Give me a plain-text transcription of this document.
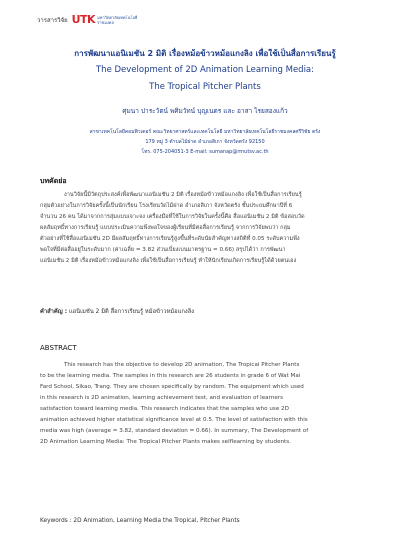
วารสารวิจัย UTK มหาวิทยาลัยเทคโนโลยี
ราชมงคล
การพัฒนาแอนิเมชัน 2 มิติ เรื่องหม้อข้าวหม้อแกงลิง เพื่อใช้เป็นสื่อการเรียนรู้
The Development of 2D Animation Learning Media:
The Tropical Pitcher Plants
ศุมนา ปาระวัตน์ พศิมวัทน์ บุญเนตร และ อาสา ไรยสองแก้ว
สาขาเทคโนโลยีคอมพิวเตอร์ คณะวิทยาศาสตร์และเทคโนโลยี มหาวิทยาลัยเทคโนโลยีราชมงคลศรีวิชัย ตรัง
179 หมู่ 3 ตำบลไม้ฝาด อำเภอสิเกา จังหวัดตรัง 92150
โทร. 075-204051-3 E-mail: sumanap@rmutsv.ac.th
บทคัดย่อ
งานวิจัยนี้มีวัตถุประสงค์เพื่อพัฒนาแอนิเมชัน 2 มิติ เรื่องหม้อข้าวหม้อแกงลิง เพื่อใช้เป็นสื่อการเรียนรู้
กลุ่มตัวอย่างในการวิจัยครั้งนี้เป็นนักเรียน โรงเรียนวัดไม้ฝาด อำเภอสิเกา จังหวัดตรัง ชั้นประถมศึกษาปีที่ 6
จำนวน 26 คน ได้มาจากการสุ่มแบบเจาะจง เครื่องมือที่ใช้ในการวิจัยในครั้งนี้คือ สื่อแอนิเมชัน 2 มิติ ข้อสอบวัด
ผลสัมฤทธิ์ทางการเรียนรู้ แบบประเมินความพึงพอใจของผู้เรียนที่มีต่อสื่อการเรียนรู้ จากการวิจัยพบว่า กลุ่ม
ตัวอย่างที่ใช้สื่อแอนิเมชัน 2D มีผลสัมฤทธิ์ทางการเรียนรู้สูงขึ้นที่ระดับนัยสำคัญทางสถิติที่ 0.05 ระดับความพึง
พอใจที่มีต่อสื่ออยู่ในระดับมาก (ค่าเฉลี่ย = 3.82 ส่วนเบี่ยงเบนมาตรฐาน = 0.66) สรุปได้ว่า การพัฒนา
แอนิเมชัน 2 มิติ เรื่องหม้อข้าวหม้อแกงลิง เพื่อใช้เป็นสื่อการเรียนรู้ ทำให้นักเรียนเกิดการเรียนรู้ได้ด้วยตนเอง
คำสำคัญ : แอนิเมชัน 2 มิติ สื่อการเรียนรู้ หม้อข้าวหม้อแกงลิง
ABSTRACT
This research has the objective to develop 2D animation, The Tropical Pitcher Plants
to be the learning media. The samples in this research are 26 students in grade 6 of Wat Mai
Fard School, Sikao, Trang. They are chosen specifically by random. The equipment which used
in this research is 2D animation, learning achievement test, and evaluation of learners
satisfaction toward learning media. This research indicates that the samples who use 2D
animation achieved higher statistical significance level at 0.5. The level of satisfaction with this
media was high (average = 3.82, standard deviation = 0.66). In summary, The Development of
2D Animation Learning Media: The Tropical Pitcher Plants makes selflearning by students.
Keywords : 2D Animation, Learning Media the Tropical, Pitcher Plants
